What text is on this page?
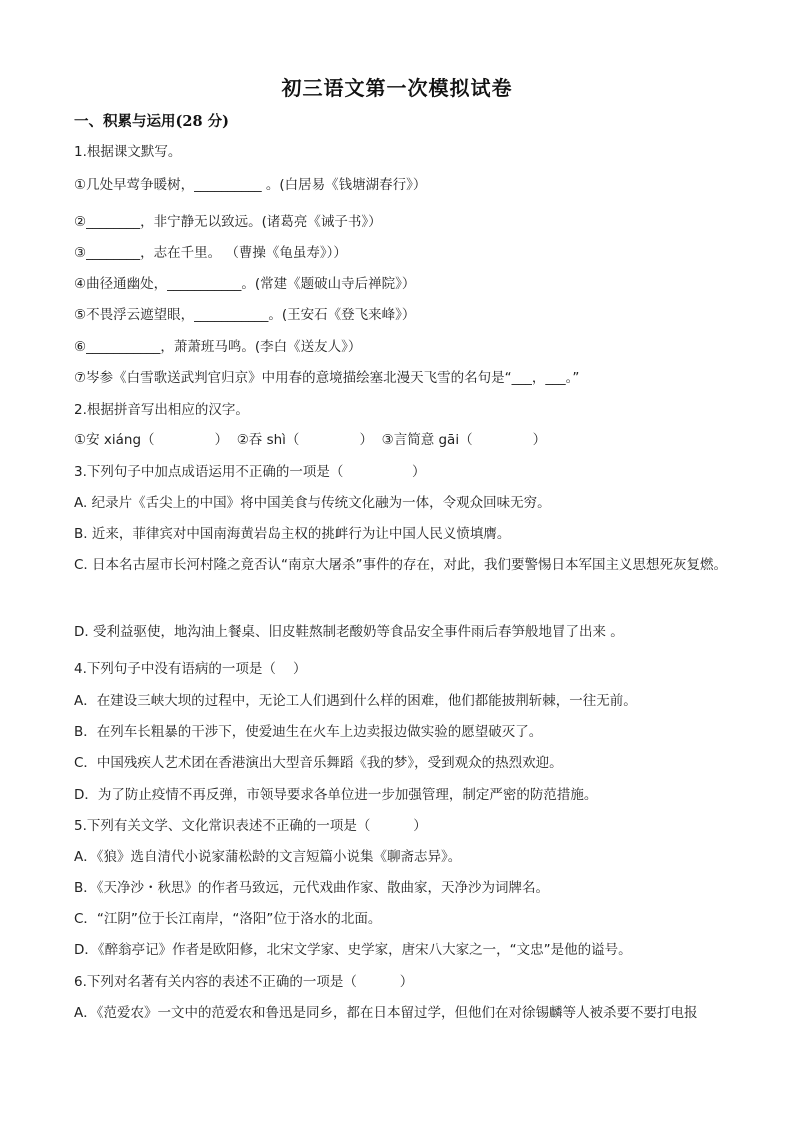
初三语文第一次模拟试卷
一、积累与运用(28 分)
1.根据课文默写。
①几处早莺争暖树，__________ 。(白居易《钱塘湖春行》）
②________，非宁静无以致远。(诸葛亮《诫子书》）
③________，志在千里。 （曹操《龟虽寿》））
④曲径通幽处，___________。(常建《题破山寺后禅院》）
⑤不畏浮云遮望眼，___________。(王安石《登飞来峰》）
⑥___________，萧萧班马鸣。(李白《送友人》）
⑦岑参《白雪歌送武判官归京》中用春的意境描绘塞北漫天飞雪的名句是“___，___。”
2.根据拼音写出相应的汉字。
①安 xiáng（              ）  ②吞 shì（              ）  ③言简意 gāi（              ）
3.下列句子中加点成语运用不正确的一项是（                ）
A. 纪录片《舌尖上的中国》将中国美食与传统文化融为一体，令观众回味无穷。
B. 近来，菲律宾对中国南海黄岩岛主权的挑衅行为让中国人民义愤填膺。
C. 日本名古屋市长河村隆之竟否认“南京大屠杀”事件的存在，对此，我们要警惕日本军国主义思想死灰复燃。
D. 受利益驱使，地沟油上餐桌、旧皮鞋熬制老酸奶等食品安全事件雨后春笋般地冒了出来 。
4.下列句子中没有语病的一项是（    ）
A．在建设三峡大坝的过程中，无论工人们遇到什么样的困难，他们都能披荆斩棘，一往无前。
B．在列车长粗暴的干涉下，使爱迪生在火车上边卖报边做实验的愿望破灭了。
C．中国残疾人艺术团在香港演出大型音乐舞蹈《我的梦》，受到观众的热烈欢迎。
D．为了防止疫情不再反弹，市领导要求各单位进一步加强管理，制定严密的防范措施。
5.下列有关文学、文化常识表述不正确的一项是（          ）
A．《狼》选自清代小说家蒲松龄的文言短篇小说集《聊斋志异》。
B．《天净沙・秋思》的作者马致远，元代戏曲作家、散曲家，天净沙为词牌名。
C．“江阴”位于长江南岸，“洛阳”位于洛水的北面。
D．《醉翁亭记》作者是欧阳修，北宋文学家、史学家，唐宋八大家之一，“文忠”是他的谥号。
6.下列对名著有关内容的表述不正确的一项是（          ）
A．《范爱农》一文中的范爱农和鲁迅是同乡，都在日本留过学，但他们在对徐锡麟等人被杀要不要打电报
